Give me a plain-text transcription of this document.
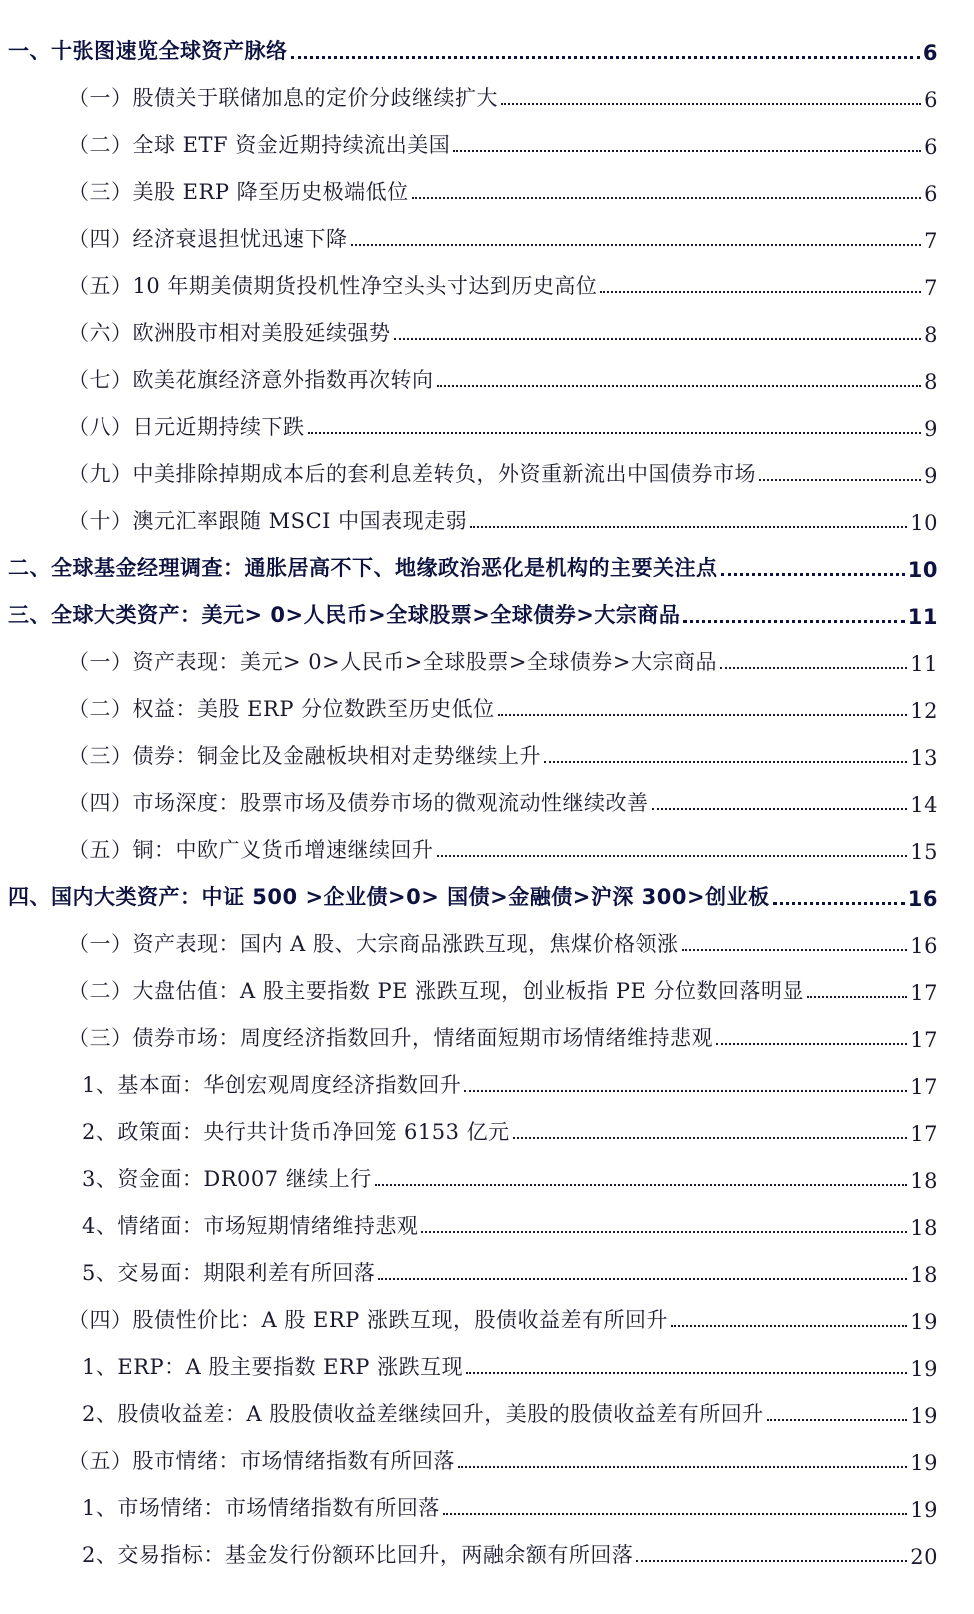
一、十张图速览全球资产脉络	6
（一）股债关于联储加息的定价分歧继续扩大	6
（二）全球 ETF 资金近期持续流出美国	6
（三）美股 ERP 降至历史极端低位	6
（四）经济衰退担忧迅速下降	7
（五）10 年期美债期货投机性净空头头寸达到历史高位	7
（六）欧洲股市相对美股延续强势	8
（七）欧美花旗经济意外指数再次转向	8
（八）日元近期持续下跌	9
（九）中美排除掉期成本后的套利息差转负，外资重新流出中国债券市场	9
（十）澳元汇率跟随 MSCI 中国表现走弱	10
二、全球基金经理调查：通胀居高不下、地缘政治恶化是机构的主要关注点	10
三、全球大类资产：美元> 0>人民币>全球股票>全球债券>大宗商品	11
（一）资产表现：美元> 0>人民币>全球股票>全球债券>大宗商品	11
（二）权益：美股 ERP 分位数跌至历史低位	12
（三）债券：铜金比及金融板块相对走势继续上升	13
（四）市场深度：股票市场及债券市场的微观流动性继续改善	14
（五）铜：中欧广义货币增速继续回升	15
四、国内大类资产：中证 500 >企业债>0> 国债>金融债>沪深 300>创业板	16
（一）资产表现：国内 A 股、大宗商品涨跌互现，焦煤价格领涨	16
（二）大盘估值：A 股主要指数 PE 涨跌互现，创业板指 PE 分位数回落明显	17
（三）债券市场：周度经济指数回升，情绪面短期市场情绪维持悲观	17
1、基本面：华创宏观周度经济指数回升	17
2、政策面：央行共计货币净回笼 6153 亿元	17
3、资金面：DR007 继续上行	18
4、情绪面：市场短期情绪维持悲观	18
5、交易面：期限利差有所回落	18
（四）股债性价比：A 股 ERP 涨跌互现，股债收益差有所回升	19
1、ERP：A 股主要指数 ERP 涨跌互现	19
2、股债收益差：A 股股债收益差继续回升，美股的股债收益差有所回升	19
（五）股市情绪：市场情绪指数有所回落	19
1、市场情绪：市场情绪指数有所回落	19
2、交易指标：基金发行份额环比回升，两融余额有所回落	20
